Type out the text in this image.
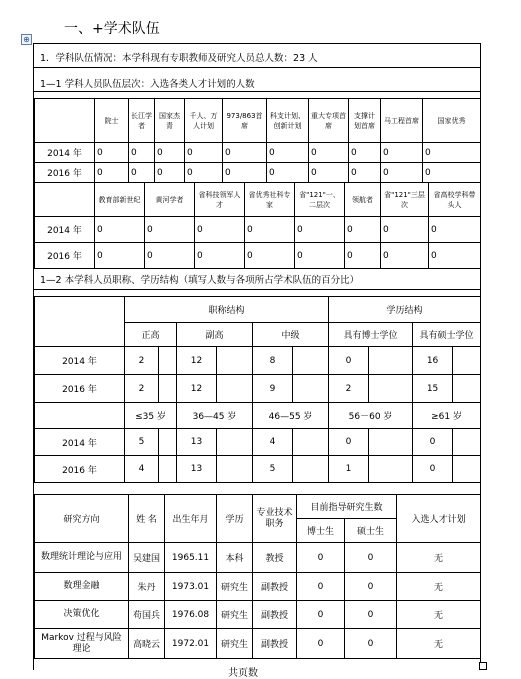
一、+学术队伍
⊕
1．学科队伍情况：本学科现有专职教师及研究人员总人数：23 人
1—1 学科人员队伍层次：入选各类人才计划的人数
	院士	长江学者	国家杰青	千人、万人计划	973/863首席	科支计划、创新计划	重大专项首席	支撑计划首席	马工程首席	国家优秀
2014 年	0	0	0	0	0	0	0	0	0	0
2016 年	0	0	0	0	0	0	0	0	0	0
	教育部新世纪	黄河学者	省科技领军人才	省优秀社科专家	省"121"一、二层次	领航者	省"121"三层次	省高校学科带头人
2014 年	0	0	0	0	0	0	0	0
2016 年	0	0	0	0	0	0	0	0
1—2 本学科人员职称、学历结构（填写人数与各项所占学术队伍的百分比）
	职称结构						学历结构			
	正高		副高		中级		具有博士学位		具有硕士学位	
2014 年	2		12		8		0		16	
2016 年	2		12		9		2		15	
	≤35 岁		36—45 岁		46—55 岁		56－60 岁		≥61 岁	
2014 年	5		13		4		0		0	
2016 年	4		13		5		1		0	
研究方向	姓 名	出生年月	学历	专业技术职务	目前指导研究生数		入选人才计划
					博士生	硕士生	
数理统计理论与应用	吴建国	1965.11	本科	教授	0	0	无
数理金融	朱丹	1973.01	研究生	副教授	0	0	无
决策优化	苟国兵	1976.08	研究生	副教授	0	0	无
Markov 过程与风险理论	高晓云	1972.01	研究生	副教授	0	0	无
共页数
